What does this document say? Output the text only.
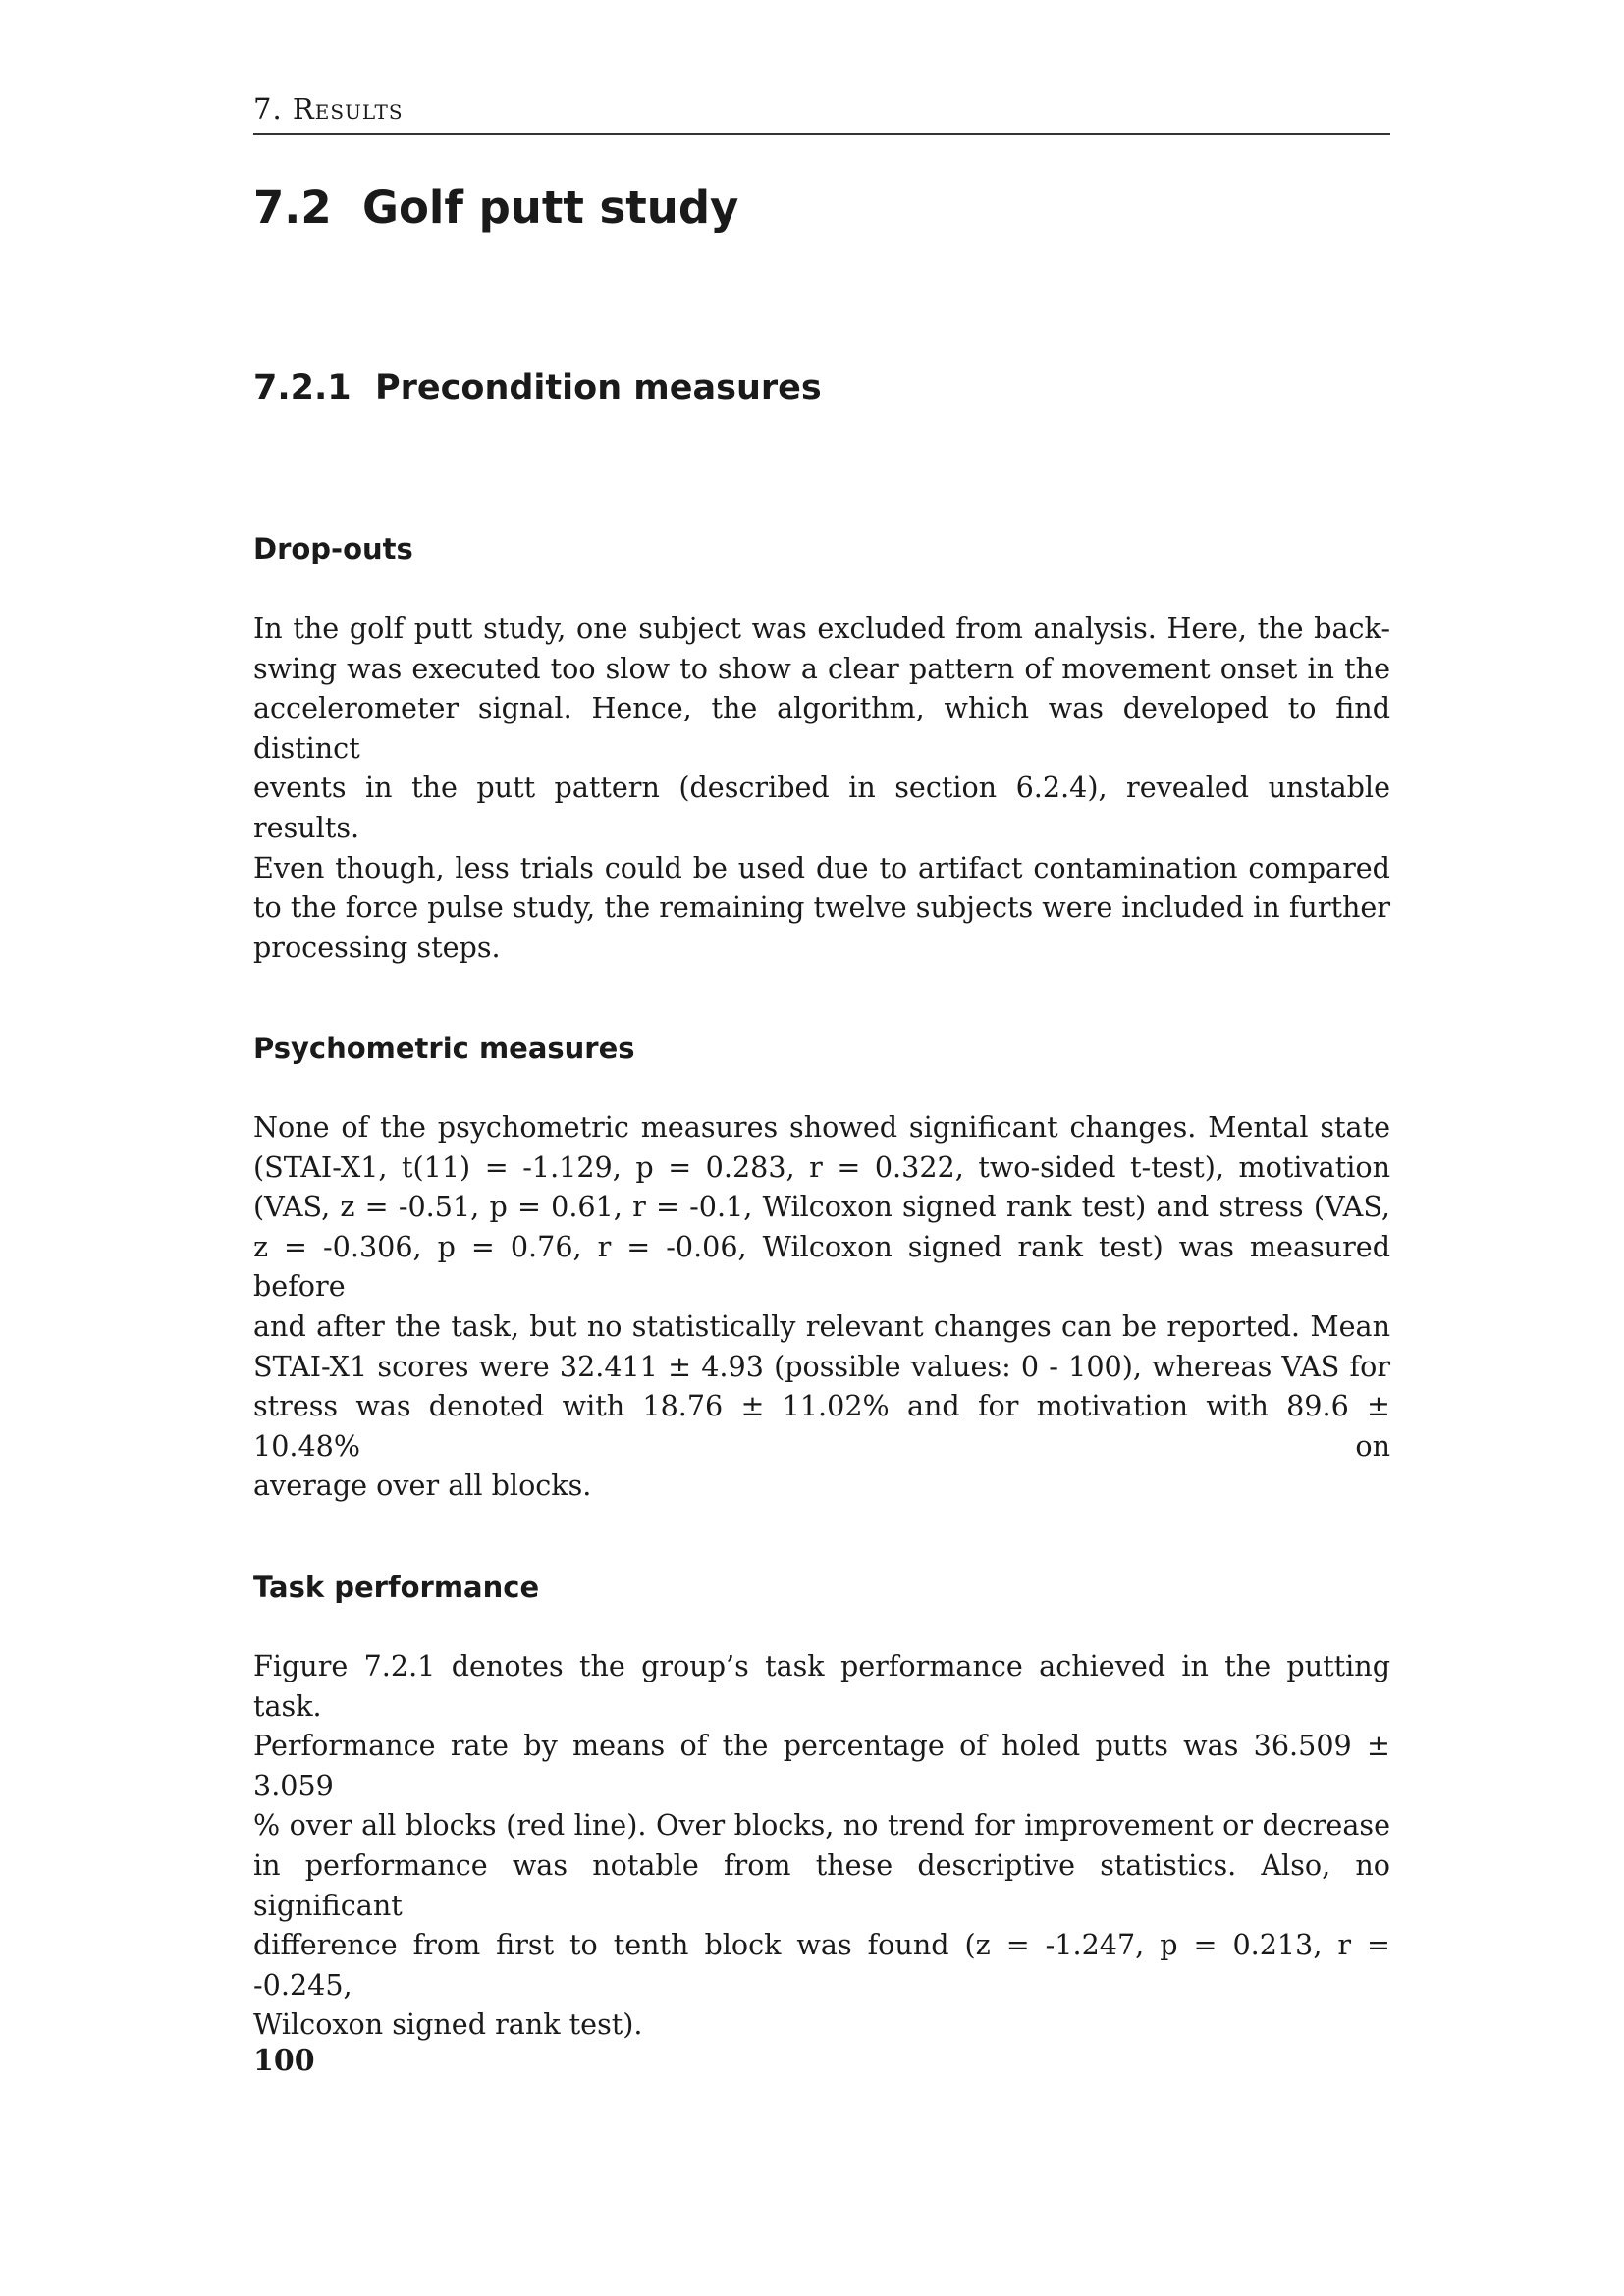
7. Results
7.2  Golf putt study
7.2.1  Precondition measures
Drop-outs

In the golf putt study, one subject was excluded from analysis. Here, the back-
swing was executed too slow to show a clear pattern of movement onset in the
accelerometer signal. Hence, the algorithm, which was developed to find distinct
events in the putt pattern (described in section 6.2.4), revealed unstable results.
Even though, less trials could be used due to artifact contamination compared
to the force pulse study, the remaining twelve subjects were included in further
processing steps.

Psychometric measures

None of the psychometric measures showed significant changes. Mental state
(STAI-X1, t(11) = -1.129, p = 0.283, r = 0.322, two-sided t-test), motivation
(VAS, z = -0.51, p = 0.61, r = -0.1, Wilcoxon signed rank test) and stress (VAS,
z = -0.306, p = 0.76, r = -0.06, Wilcoxon signed rank test) was measured before
and after the task, but no statistically relevant changes can be reported. Mean
STAI-X1 scores were 32.411 ± 4.93 (possible values: 0 - 100), whereas VAS for
stress was denoted with 18.76 ± 11.02% and for motivation with 89.6 ± 10.48% on
average over all blocks.

Task performance

Figure 7.2.1 denotes the group’s task performance achieved in the putting task.
Performance rate by means of the percentage of holed putts was 36.509 ± 3.059
% over all blocks (red line). Over blocks, no trend for improvement or decrease
in performance was notable from these descriptive statistics. Also, no significant
difference from first to tenth block was found (z = -1.247, p = 0.213, r = -0.245,
Wilcoxon signed rank test).

100
